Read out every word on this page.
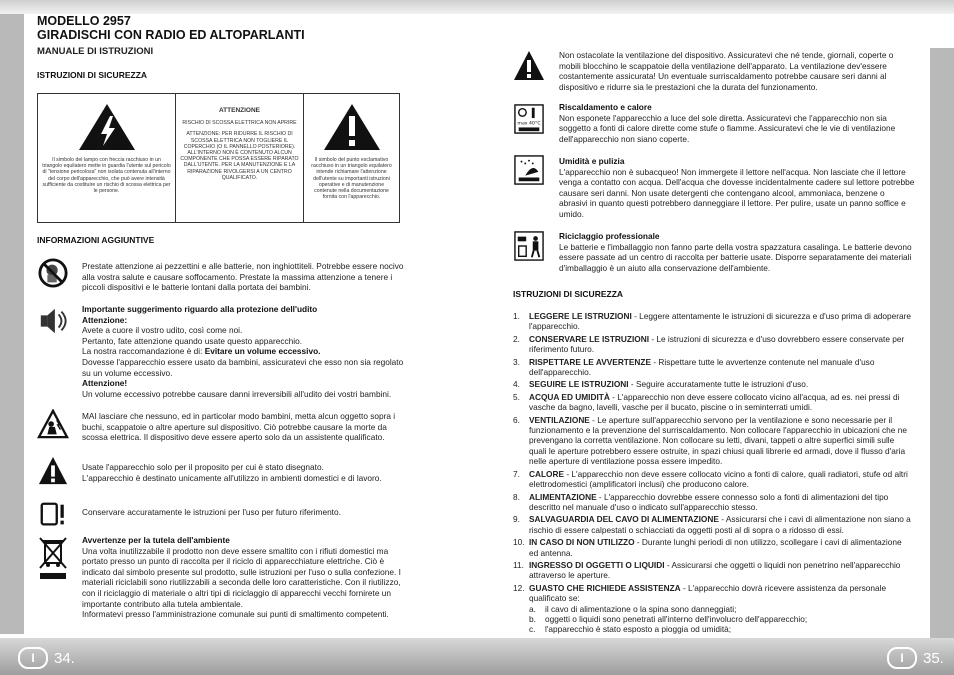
MODELLO 2957
GIRADISCHI CON RADIO ED ALTOPARLANTI
MANUALE DI ISTRUZIONI
ISTRUZIONI DI SICUREZZA
Il simbolo del lampo con freccia racchiuso in un triangolo equilatero mette in guardia l'utente sul pericolo di "tensione pericolosa" non isolata contenuta all'interno del corpo dell'apparecchio, che può avere intensità sufficiente da costituire un rischio di scossa elettrica per le persone.
ATTENZIONE
RISCHIO DI SCOSSA ELETTRICA NON APRIRE
ATTENZIONE: PER RIDURRE IL RISCHIO DI SCOSSA ELETTRICA NON TOGLIERE IL COPERCHIO (O IL PANNELLO POSTERIORE). ALL'INTERNO NON È CONTENUTO ALCUN COMPONENTE CHE POSSA ESSERE RIPARATO DALL'UTENTE. PER LA MANUTENZIONE E LA RIPARAZIONE RIVOLGERSI A UN CENTRO QUALIFICATO.
Il simbolo del punto esclamativo racchiuso in un triangolo equilatero intende richiamare l'attenzione dell'utente su importanti istruzioni operative e di manutenzione contenute nella documentazione fornita con l'apparecchio.
INFORMAZIONI AGGIUNTIVE
Prestate attenzione ai pezzettini e alle batterie, non inghiottiteli. Potrebbe essere nocivo alla vostra salute e causare soffocamento. Prestate la massima attenzione a tenere i piccoli dispositivi e le batterie lontani dalla portata dei bambini.
Importante suggerimento riguardo alla protezione dell'udito
Attenzione:
Avete a cuore il vostro udito, così come noi.
Pertanto, fate attenzione quando usate questo apparecchio.
La nostra raccomandazione è di: Evitare un volume eccessivo.
Dovesse l'apparecchio essere usato da bambini, assicuratevi che esso non sia regolato su un volume eccessivo.
Attenzione!
Un volume eccessivo potrebbe causare danni irreversibili all'udito dei vostri bambini.
MAI lasciare che nessuno, ed in particolar modo bambini, metta alcun oggetto sopra i buchi, scappatoie o altre aperture sul dispositivo. Ciò potrebbe causare la morte da scossa elettrica. Il dispositivo deve essere aperto solo da un assistente qualificato.
Usate l'apparecchio solo per il proposito per cui è stato disegnato.
L'apparecchio è destinato unicamente all'utilizzo in ambienti domestici e di lavoro.
Conservare accuratamente le istruzioni per l'uso per futuro riferimento.
Avvertenze per la tutela dell'ambiente
Una volta inutilizzabile il prodotto non deve essere smaltito con i rifiuti domestici ma portato presso un punto di raccolta per il riciclo di apparecchiature elettriche. Ciò è indicato dal simbolo presente sul prodotto, sulle istruzioni per l'uso o sulla confezione. I materiali riciclabili sono riutilizzabili a seconda delle loro caratteristiche. Con il riutilizzo, con il riciclaggio di materiale o altri tipi di riciclaggio di apparecchi vecchi fornirete un importante contributo alla tutela ambientale.
Informatevi presso l'amministrazione comunale sui punti di smaltimento competenti.
max 40°C
Non ostacolate la ventilazione del dispositivo. Assicuratevi che né tende, giornali, coperte o mobili blocchino le scappatoie della ventilazione dell'apparato. La ventilazione dev'essere costantemente assicurata! Un eventuale surriscaldamento potrebbe causare seri danni al dispositivo e ridurre sia le prestazioni che la durata del funzionamento.
Riscaldamento e calore
Non esponete l'apparecchio a luce del sole diretta. Assicuratevi che l'apparecchio non sia soggetto a fonti di calore dirette come stufe o fiamme. Assicuratevi che le vie di ventilazione dell'apparecchio non siano coperte.
Umidità e pulizia
L'apparecchio non è subacqueo! Non immergete il lettore nell'acqua. Non lasciate che il lettore venga a contatto con acqua. Dell'acqua che dovesse incidentalmente cadere sul lettore potrebbe causare seri danni. Non usate detergenti che contengano alcool, ammoniaca, benzene o abrasivi in quanto questi potrebbero danneggiare il lettore. Per pulire, usate un panno soffice e umido.
Riciclaggio professionale
Le batterie e l'imballaggio non fanno parte della vostra spazzatura casalinga. Le batterie devono essere passate ad un centro di raccolta per batterie usate. Disporre separatamente dei materiali d'imballaggio è un aiuto alla conservazione dell'ambiente.
ISTRUZIONI DI SICUREZZA
1. LEGGERE LE ISTRUZIONI - Leggere attentamente le istruzioni di sicurezza e d'uso prima di adoperare l'apparecchio.
2. CONSERVARE LE ISTRUZIONI - Le istruzioni di sicurezza e d'uso dovrebbero essere conservate per riferimento futuro.
3. RISPETTARE LE AVVERTENZE - Rispettare tutte le avvertenze contenute nel manuale d'uso dell'apparecchio.
4. SEGUIRE LE ISTRUZIONI - Seguire accuratamente tutte le istruzioni d'uso.
5. ACQUA ED UMIDITÀ - L'apparecchio non deve essere collocato vicino all'acqua, ad es. nei pressi di vasche da bagno, lavelli, vasche per il bucato, piscine o in seminterrati umidi.
6. VENTILAZIONE - Le aperture sull'apparecchio servono per la ventilazione e sono necessarie per il funzionamento e la prevenzione del surriscaldamento. Non collocare l'apparecchio in ubicazioni che ne prevengano la corretta ventilazione. Non collocare su letti, divani, tappeti o altre superfici simili sulle quali le aperture potrebbero essere ostruite, in spazi chiusi quali librerie ed armadi, dove il flusso d'aria nelle aperture di ventilazione possa essere impedito.
7. CALORE - L'apparecchio non deve essere collocato vicino a fonti di calore, quali radiatori, stufe od altri elettrodomestici (amplificatori inclusi) che producono calore.
8. ALIMENTAZIONE - L'apparecchio dovrebbe essere connesso solo a fonti di alimentazioni del tipo descritto nel manuale d'uso o indicato sull'apparecchio stesso.
9. SALVAGUARDIA DEL CAVO DI ALIMENTAZIONE - Assicurarsi che i cavi di alimentazione non siano a rischio di essere calpestati o schiacciati da oggetti posti al di sopra o a ridosso di essi.
10. IN CASO DI NON UTILIZZO - Durante lunghi periodi di non utilizzo, scollegare i cavi di alimentazione ed antenna.
11. INGRESSO DI OGGETTI O LIQUIDI - Assicurarsi che oggetti o liquidi non penetrino nell'apparecchio attraverso le aperture.
12. GUASTO CHE RICHIEDE ASSISTENZA - L'apparecchio dovrà ricevere assistenza da personale qualificato se:
a. il cavo di alimentazione o la spina sono danneggiati;
b. oggetti o liquidi sono penetrati all'interno dell'involucro dell'apparecchio;
c. l'apparecchio è stato esposto a pioggia od umidità;
I	34.	I	35.
